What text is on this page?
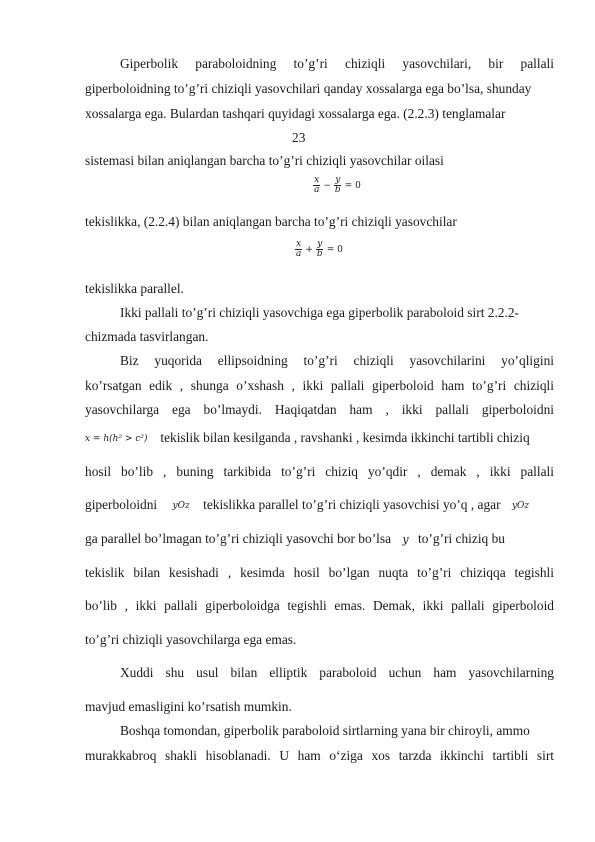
Giperbolik paraboloidning to’g’ri chiziqli yasovchilari, bir pallali
giperboloidning to’g’ri chiziqli yasovchilari qanday xossalarga ega bo’lsa, shunday
xossalarga ega. Bulardan tashqari quyidagi xossalarga ega. (2.2.3) tenglamalar
23
sistemasi bilan aniqlangan barcha to’g’ri chiziqli yasovchilar oilasi
$\frac{x}{a} - \frac{y}{b} = 0$
tekislikka, (2.2.4) bilan aniqlangan barcha to’g’ri chiziqli yasovchilar
$\frac{x}{a} + \frac{y}{b} = 0$
tekislikka parallel.
Ikki pallali to’g’ri chiziqli yasovchiga ega giperbolik paraboloid sirt 2.2.2-
chizmada tasvirlangan.
Biz yuqorida ellipsoidning to’g’ri chiziqli yasovchilarini yo’qligini
ko’rsatgan edik , shunga o’xshash , ikki pallali giperboloid ham to’g’ri chiziqli
yasovchilarga ega bo’lmaydi. Haqiqatdan ham , ikki pallali giperboloidni
x = h(h² > c²) tekislik bilan kesilganda , ravshanki , kesimda ikkinchi tartibli chiziq
hosil bo’lib , buning tarkibida to’g’ri chiziq yo’qdir , demak , ikki pallali
giperboloidni yOz tekislikka parallel to’g’ri chiziqli yasovchisi yo’q , agar yOz
ga parallel bo’lmagan to’g’ri chiziqli yasovchi bor bo’lsa y to’g’ri chiziq bu
tekislik bilan kesishadi , kesimda hosil bo’lgan nuqta to’g’ri chiziqqa tegishli
bo’lib , ikki pallali giperboloidga tegishli emas. Demak, ikki pallali giperboloid
to’g’ri chiziqli yasovchilarga ega emas.
Xuddi shu usul bilan elliptik paraboloid uchun ham yasovchilarning
mavjud emasligini ko’rsatish mumkin.
Boshqa tomondan, giperbolik paraboloid sirtlarning yana bir chiroyli, ammo
murakkabroq shakli hisoblanadi. U ham o‘ziga xos tarzda ikkinchi tartibli sirt
